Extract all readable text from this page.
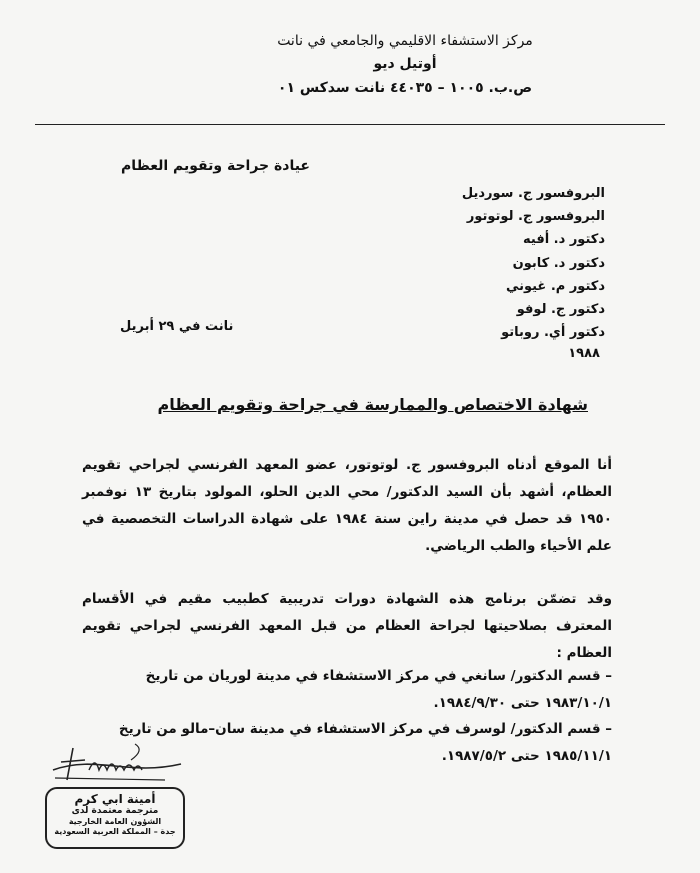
مركز الاستشفاء الاقليمي والجامعي في نانت
أوتيل ديو
ص.ب. ١٠٠٥ – ٤٤٠٣٥ نانت سدكس ٠١
عيادة جراحة وتقويم العظام
البروفسور ج. سورديل
البروفسور ج. لوتوتور
دكتور د. أفيه
دكتور د. كابون
دكتور م. غيوني
دكتور ج. لوفو
دكتور أي. روباتو
نانت في ٢٩ أبريل
١٩٨٨
شهادة الاختصاص والممارسة في جراحة وتقويم العظام
أنا الموقع أدناه البروفسور ج. لوتوتور، عضو المعهد الفرنسي لجراحي تقويم العظام، أشهد بأن السيد الدكتور/ محي الدين الحلو، المولود بتاريخ ١٣ نوفمبر ١٩٥٠ قد حصل في مدينة راين سنة ١٩٨٤ على شهادة الدراسات التخصصية في علم الأحياء والطب الرياضي.
وقد تضمّن برنامج هذه الشهادة دورات تدريبية كطبيب مقيم في الأقسام المعترف بصلاحيتها لجراحة العظام من قبل المعهد الفرنسي لجراحي تقويم العظام :
– قسم الدكتور/ سانغي في مركز الاستشفاء في مدينة لوريان من تاريخ ١٩٨٣/١٠/١ حتى ١٩٨٤/٩/٣٠.
– قسم الدكتور/ لوسرف في مركز الاستشفاء في مدينة سان–مالو من تاريخ ١٩٨٥/١١/١ حتى ١٩٨٧/٥/٢.
أمينة ابي كرم
مترجمة معتمدة لدى
الشؤون العامة الخارجية
جدة – المملكة العربية السعودية
